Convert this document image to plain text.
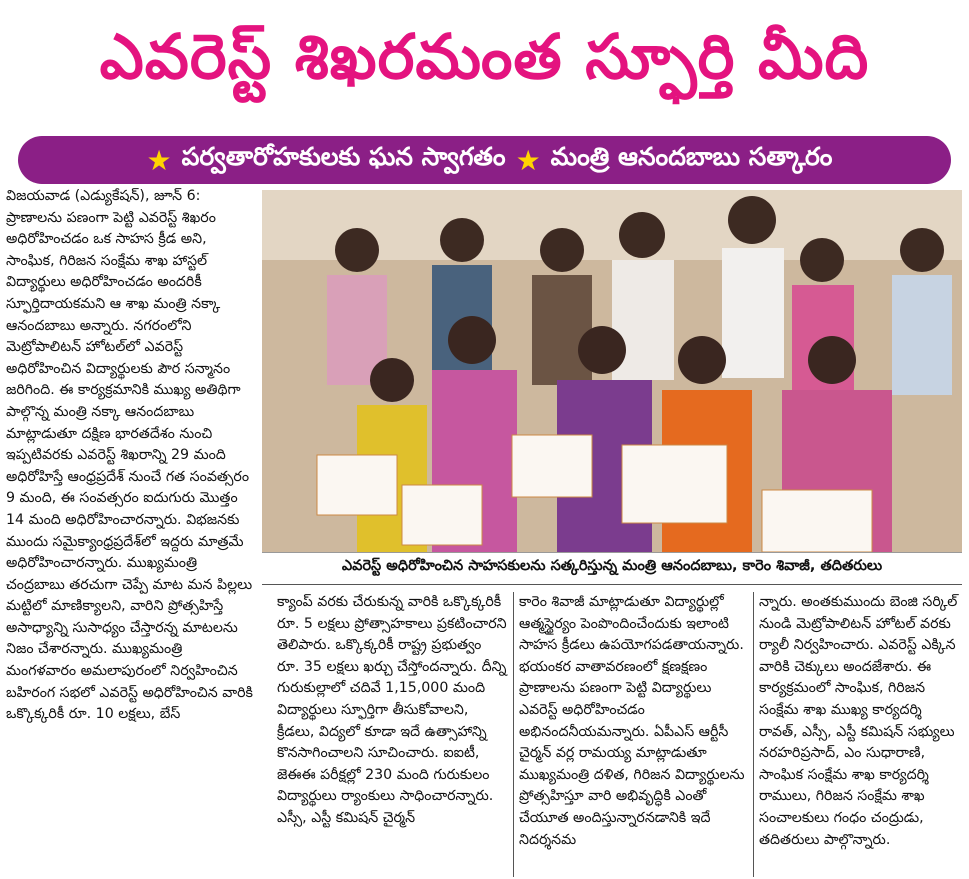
ఎవరెస్ట్ శిఖరమంత స్ఫూర్తి మీది
★ పర్వతారోహకులకు ఘన స్వాగతం ★ మంత్రి ఆనందబాబు సత్కారం

విజయవాడ (ఎడ్యుకేషన్), జూన్ 6: ప్రాణాలను పణంగా పెట్టి ఎవరెస్ట్ శిఖరం అధిరోహించడం ఒక సాహస క్రీడ అని, సాంఘిక, గిరిజన సంక్షేమ శాఖ హాస్టల్ విద్యార్థులు అధిరోహించడం అందరికీ స్ఫూర్తిదాయకమని ఆ శాఖ మంత్రి నక్కా ఆనందబాబు అన్నారు. నగరంలోని మెట్రోపాలిటన్ హోటల్‌లో ఎవరెస్ట్ అధిరోహించిన విద్యార్థులకు పౌర సన్మానం జరిగింది. ఈ కార్యక్రమానికి ముఖ్య అతిథిగా పాల్గొన్న మంత్రి నక్కా ఆనందబాబు మాట్లాడుతూ దక్షిణ భారతదేశం నుంచి ఇప్పటివరకు ఎవరెస్ట్ శిఖరాన్ని 29 మంది అధిరోహిస్తే ఆంధ్రప్రదేశ్ నుంచే గత సంవత్సరం 9 మంది, ఈ సంవత్సరం ఐదుగురు మొత్తం 14 మంది అధిరోహించారన్నారు. విభజనకు ముందు సమైక్యాంధ్రప్రదేశ్‌లో ఇద్దరు మాత్రమే అధిరోహించారన్నారు. ముఖ్యమంత్రి చంద్రబాబు తరచుగా చెప్పే మాట మన పిల్లలు మట్టిలో మాణిక్యాలని, వారిని ప్రోత్సహిస్తే అసాధ్యాన్ని సుసాధ్యం చేస్తారన్న మాటలను నిజం చేశారన్నారు. ముఖ్యమంత్రి మంగళవారం అమలాపురంలో నిర్వహించిన బహిరంగ సభలో ఎవరెస్ట్ అధిరోహించిన వారికి ఒక్కొక్కరికీ రూ. 10 లక్షలు, బేస్

ఎవరెస్ట్ అధిరోహించిన సాహసకులను సత్కరిస్తున్న మంత్రి ఆనందబాబు, కారెం శివాజీ, తదితరులు

క్యాంప్ వరకు చేరుకున్న వారికి ఒక్కొక్కరికీ రూ. 5 లక్షలు ప్రోత్సాహకాలు ప్రకటించారని తెలిపారు. ఒక్కొక్కరికీ రాష్ట్ర ప్రభుత్వం రూ. 35 లక్షలు ఖర్చు చేస్తోందన్నారు. దీన్ని గురుకుల్లాలో చదివే 1,15,000 మంది విద్యార్థులు స్ఫూర్తిగా తీసుకోవాలని, క్రీడలు, విద్యలో కూడా ఇదే ఉత్సాహాన్ని కొనసాగించాలని సూచించారు. ఐఐటీ, జెఈఈ పరీక్షల్లో 230 మంది గురుకులం విద్యార్థులు ర్యాంకులు సాధించారన్నారు. ఎస్సీ, ఎస్టీ కమిషన్ చైర్మన్

కారెం శివాజీ మాట్లాడుతూ విద్యార్థుల్లో ఆత్మస్థైర్యం పెంపొందించేందుకు ఇలాంటి సాహస క్రీడలు ఉపయోగపడతాయన్నారు. భయంకర వాతావరణంలో క్షణక్షణం ప్రాణాలను పణంగా పెట్టి విద్యార్థులు ఎవరెస్ట్ అధిరోహించడం అభినందనీయమన్నారు. ఏపీఎస్ ఆర్టీసీ చైర్మన్ వర్ల రామయ్య మాట్లాడుతూ ముఖ్యమంత్రి దళిత, గిరిజన విద్యార్థులను ప్రోత్సహిస్తూ వారి అభివృద్ధికి ఎంతో చేయూత అందిస్తున్నారనడానికి ఇదే నిదర్శనమ

న్నారు. అంతకుముందు బెంజి సర్కిల్ నుండి మెట్రోపాలిటన్ హోటల్ వరకు ర్యాలీ నిర్వహించారు. ఎవరెస్ట్ ఎక్కిన వారికి చెక్కులు అందజేశారు. ఈ కార్యక్రమంలో సాంఘిక, గిరిజన సంక్షేమ శాఖ ముఖ్య కార్యదర్శి రావత్, ఎస్సీ, ఎస్టీ కమిషన్ సభ్యులు నరహరిప్రసాద్, ఎం సుధారాణి, సాంఘిక సంక్షేమ శాఖ కార్యదర్శి రాములు, గిరిజన సంక్షేమ శాఖ సంచాలకులు గంధం చంద్రుడు, తదితరులు పాల్గొన్నారు.
